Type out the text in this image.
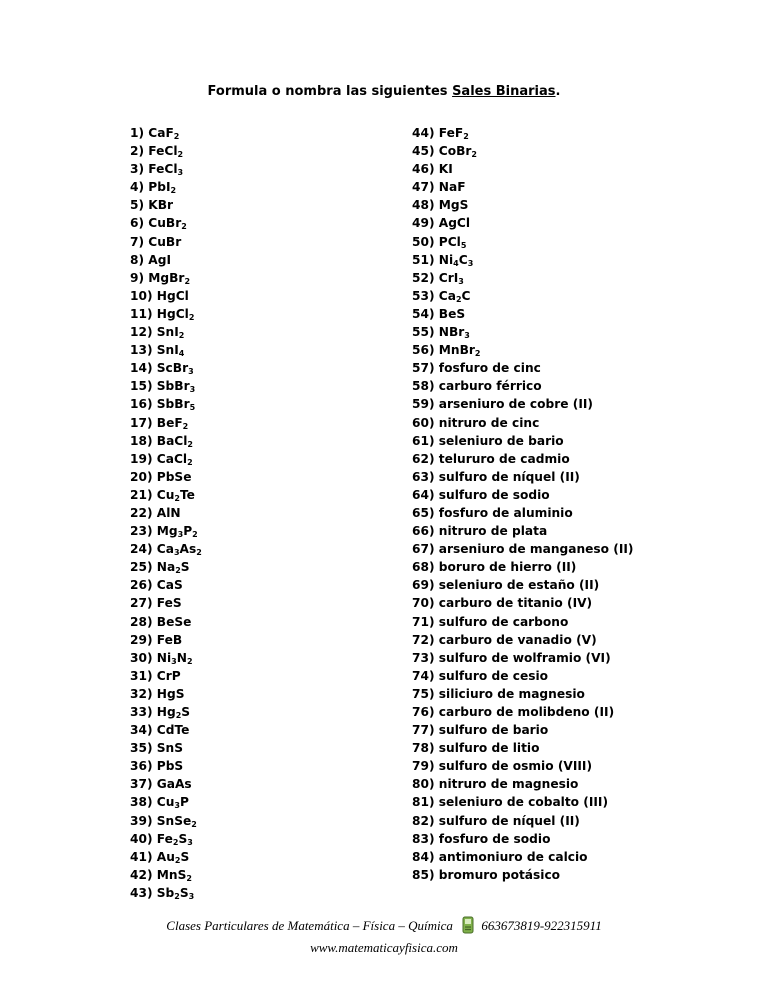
Formula o nombra las siguientes Sales Binarias.
1) CaF$_2$
2) FeCl$_2$
3) FeCl$_3$
4) PbI$_2$
5) KBr
6) CuBr$_2$
7) CuBr
8) AgI
9) MgBr$_2$
10) HgCl
11) HgCl$_2$
12) SnI$_2$
13) SnI$_4$
14) ScBr$_3$
15) SbBr$_3$
16) SbBr$_5$
17) BeF$_2$
18) BaCl$_2$
19) CaCl$_2$
20) PbSe
21) $Cu_2Te$
22) AlN
23) $Mg_3P_2$
24) $Ca_3As_2$
25) $Na_2S$
26) CaS
27) FeS
28) BeSe
29) FeB
30) $Ni_3N_2$
31) CrP
32) HgS
33) $Hg_2S$
34) CdTe
35) SnS
36) PbS
37) GaAs
38) $Cu_3P$
39) SnSe$_2$
40) $Fe_2S_3$
41) $Au_2S$
42) MnS$_2$
43) $Sb_2S_3$
44) FeF$_2$
45) CoBr$_2$
46) KI
47) NaF
48) MgS
49) AgCl
50) PCl$_5$
51) $Ni_4C_3$
52) CrI$_3$
53) $Ca_2C$
54) BeS
55) NBr$_3$
56) MnBr$_2$
57) fosfuro de cinc
58) carburo férrico
59) arseniuro de cobre (II)
60) nitruro de cinc
61) seleniuro de bario
62) telururo de cadmio
63) sulfuro de níquel (II)
64) sulfuro de sodio
65) fosfuro de aluminio
66) nitruro de plata
67) arseniuro de manganeso (II)
68) boruro de hierro (II)
69) seleniuro de estaño (II)
70) carburo de titanio (IV)
71) sulfuro de carbono
72) carburo de vanadio (V)
73) sulfuro de wolframio (VI)
74) sulfuro de cesio
75) siliciuro de magnesio
76) carburo de molibdeno (II)
77) sulfuro de bario
78) sulfuro de litio
79) sulfuro de osmio (VIII)
80) nitruro de magnesio
81) seleniuro de cobalto (III)
82) sulfuro de níquel (II)
83) fosfuro de sodio
84) antimoniuro de calcio
85) bromuro potásico
Clases Particulares de Matemática – Física – Química 663673819-922315911
www.matematicayfisica.com
